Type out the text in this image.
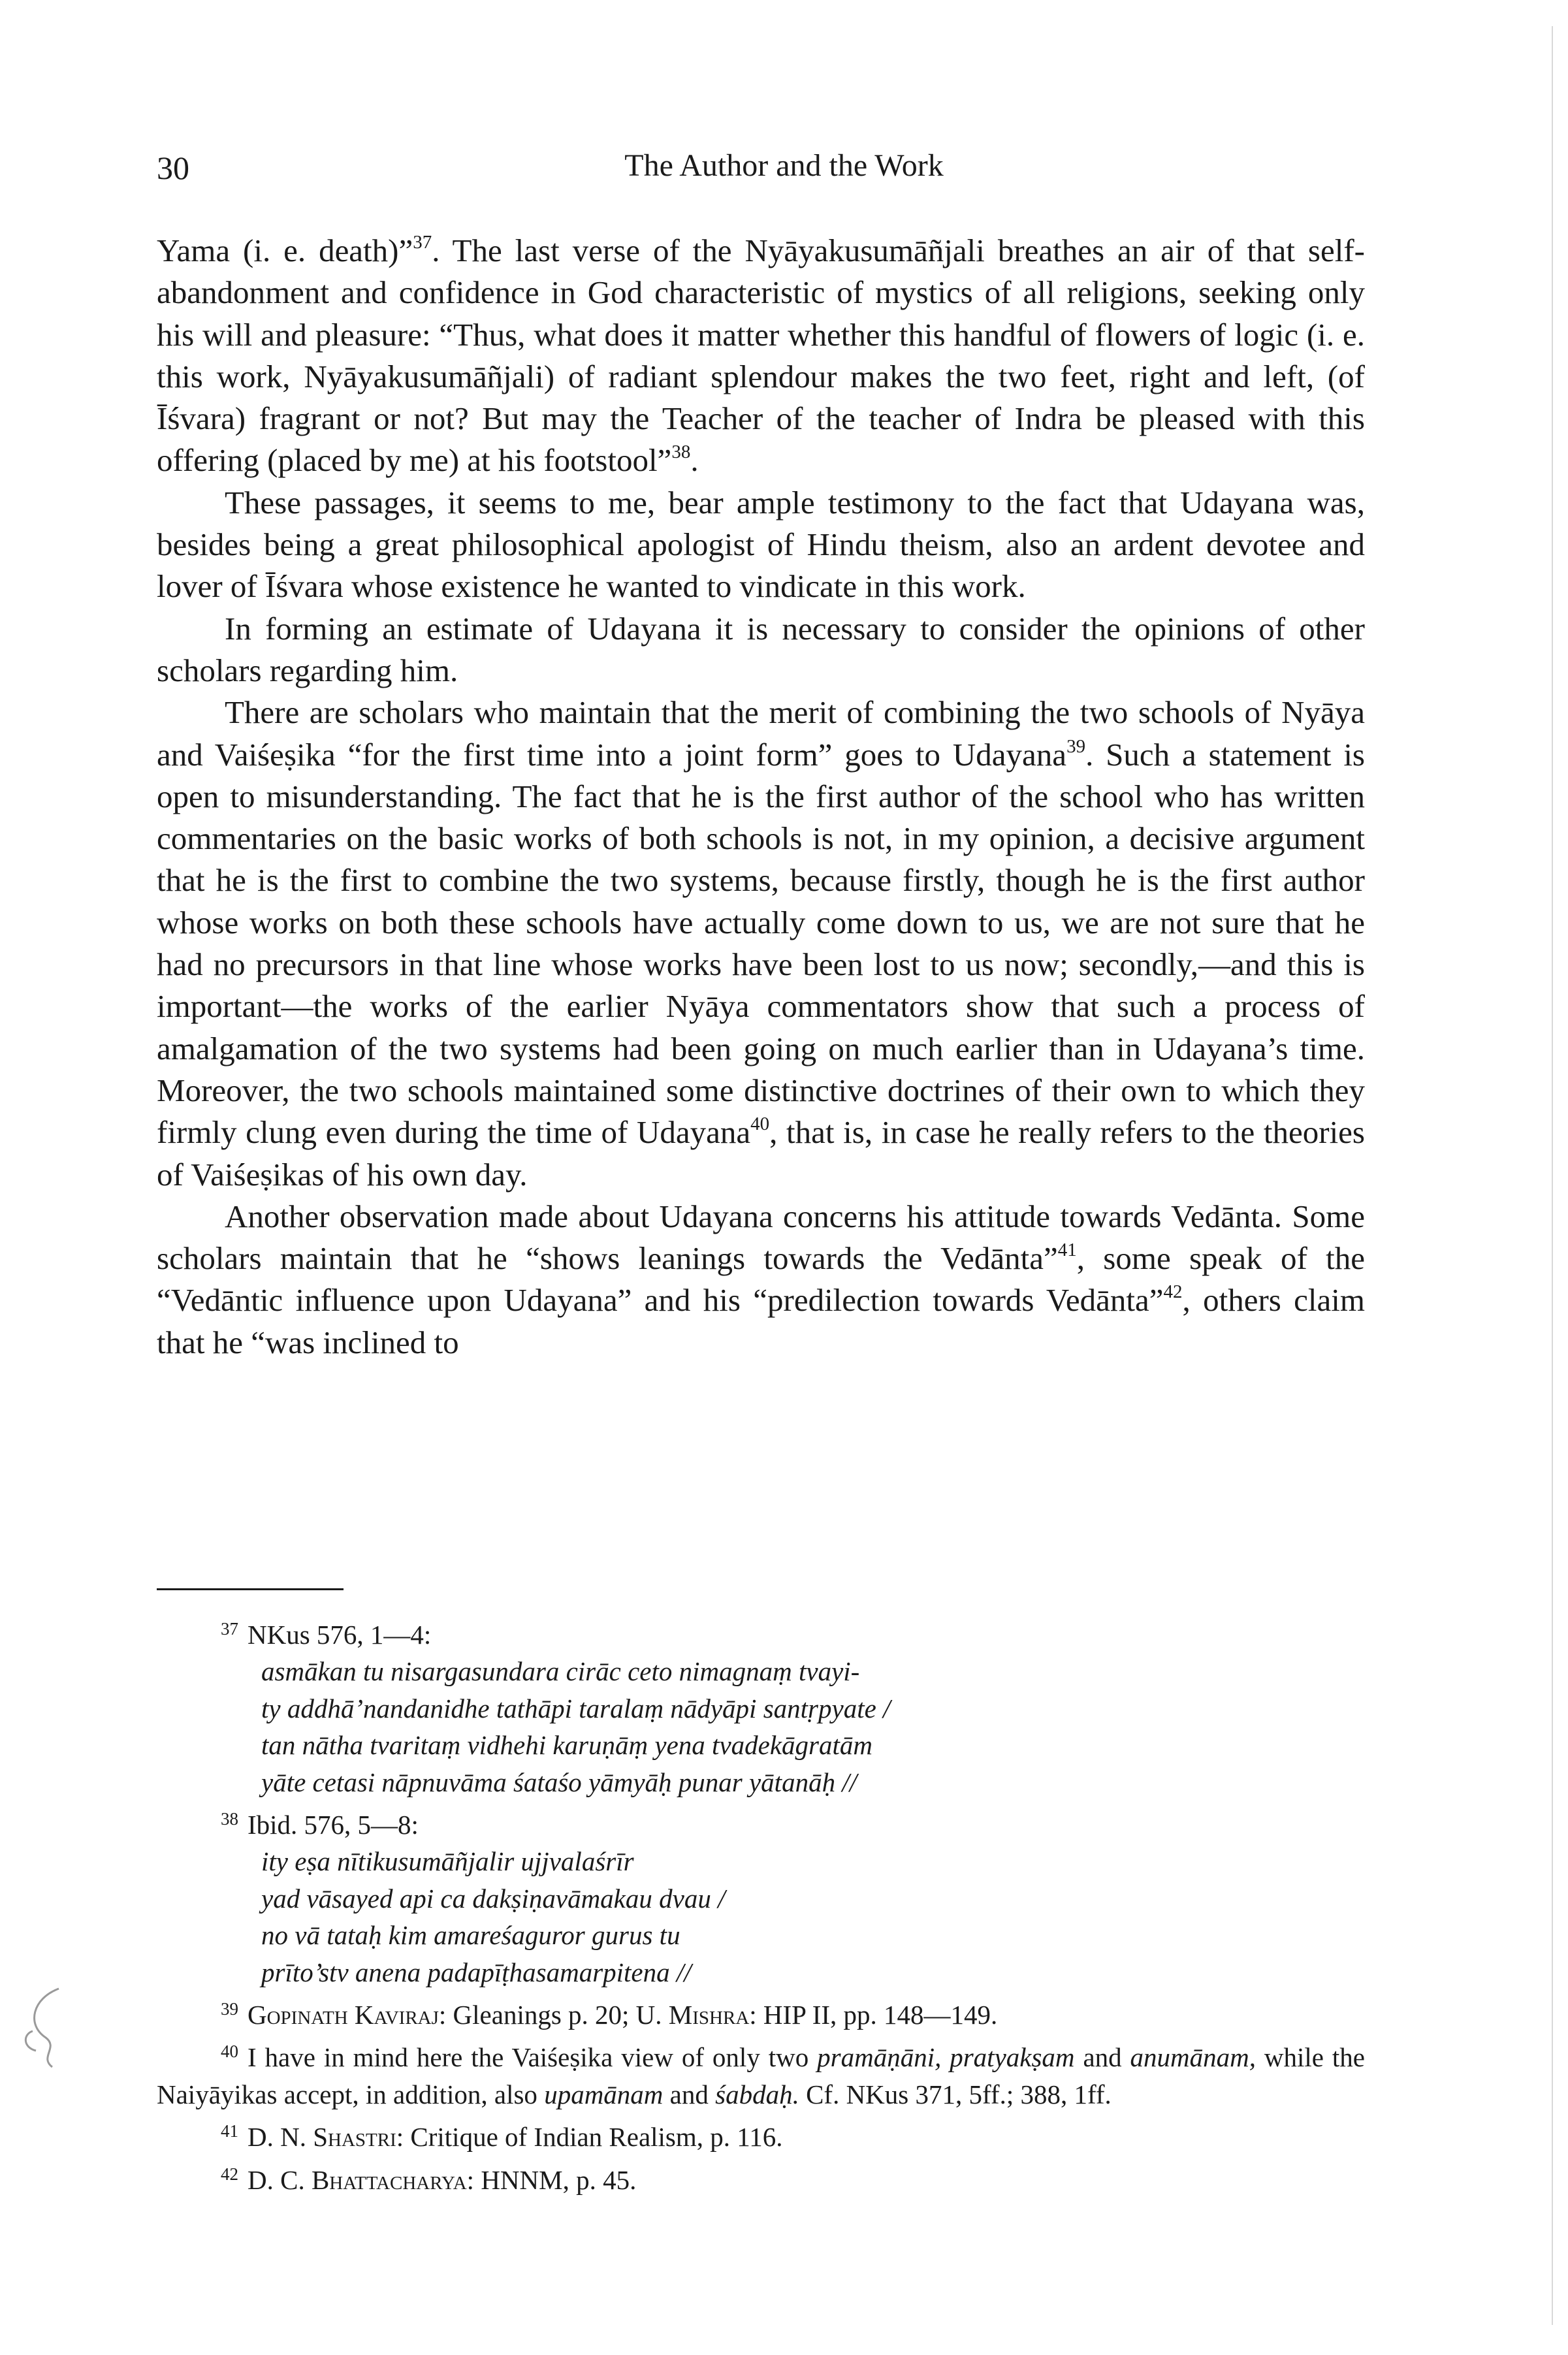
30	The Author and the Work

Yama (i. e. death)”$^{37}$. The last verse of the Nyāyakusumāñjali breathes an air of that self-abandonment and confidence in God characteristic of mystics of all religions, seeking only his will and pleasure: “Thus, what does it matter whether this handful of flowers of logic (i. e. this work, Nyāyakusumāñjali) of radiant splendour makes the two feet, right and left, (of Īśvara) fragrant or not? But may the Teacher of the teacher of Indra be pleased with this offering (placed by me) at his footstool”$^{38}$.

These passages, it seems to me, bear ample testimony to the fact that Udayana was, besides being a great philosophical apologist of Hindu theism, also an ardent devotee and lover of Īśvara whose existence he wanted to vindicate in this work.

In forming an estimate of Udayana it is necessary to consider the opinions of other scholars regarding him.

There are scholars who maintain that the merit of combining the two schools of Nyāya and Vaiśeṣika “for the first time into a joint form” goes to Udayana$^{39}$. Such a statement is open to misunderstanding. The fact that he is the first author of the school who has written commentaries on the basic works of both schools is not, in my opinion, a decisive argument that he is the first to combine the two systems, because firstly, though he is the first author whose works on both these schools have actually come down to us, we are not sure that he had no precursors in that line whose works have been lost to us now; secondly,—and this is important—the works of the earlier Nyāya commentators show that such a process of amalgamation of the two systems had been going on much earlier than in Udayana’s time. Moreover, the two schools maintained some distinctive doctrines of their own to which they firmly clung even during the time of Udayana$^{40}$, that is, in case he really refers to the theories of Vaiśeṣikas of his own day.

Another observation made about Udayana concerns his attitude towards Vedānta. Some scholars maintain that he “shows leanings towards the Vedānta”$^{41}$, some speak of the “Vedāntic influence upon Udayana” and his “predilection towards Vedānta”$^{42}$, others claim that he “was inclined to

$^{37}$ NKus 576, 1—4:

asmākan tu nisargasundara cirāc ceto nimagnaṃ tvayi-

ty addhā’nandanidhe tathāpi taralaṃ nādyāpi santṛpyate /

tan nātha tvaritaṃ vidhehi karuṇāṃ yena tvadekāgratām

yāte cetasi nāpnuvāma śataśo yāmyāḥ punar yātanāḥ //

$^{38}$ Ibid. 576, 5—8:

ity eṣa nītikusumāñjalir ujjvalaśrīr

yad vāsayed api ca dakṣiṇavāmakau dvau /

no vā tataḥ kim amareśaguror gurus tu

prīto’stv anena padapīṭhasamarpitena //

$^{39}$ Gopinath Kaviraj: Gleanings p. 20; U. Mishra: HIP II, pp. 148—149.

$^{40}$ I have in mind here the Vaiśeṣika view of only two pramāṇāni, pratyakṣam and anumānam, while the Naiyāyikas accept, in addition, also upamānam and śabdaḥ. Cf. NKus 371, 5ff.; 388, 1ff.

$^{41}$ D. N. Shastri: Critique of Indian Realism, p. 116.

$^{42}$ D. C. Bhattacharya: HNNM, p. 45.
